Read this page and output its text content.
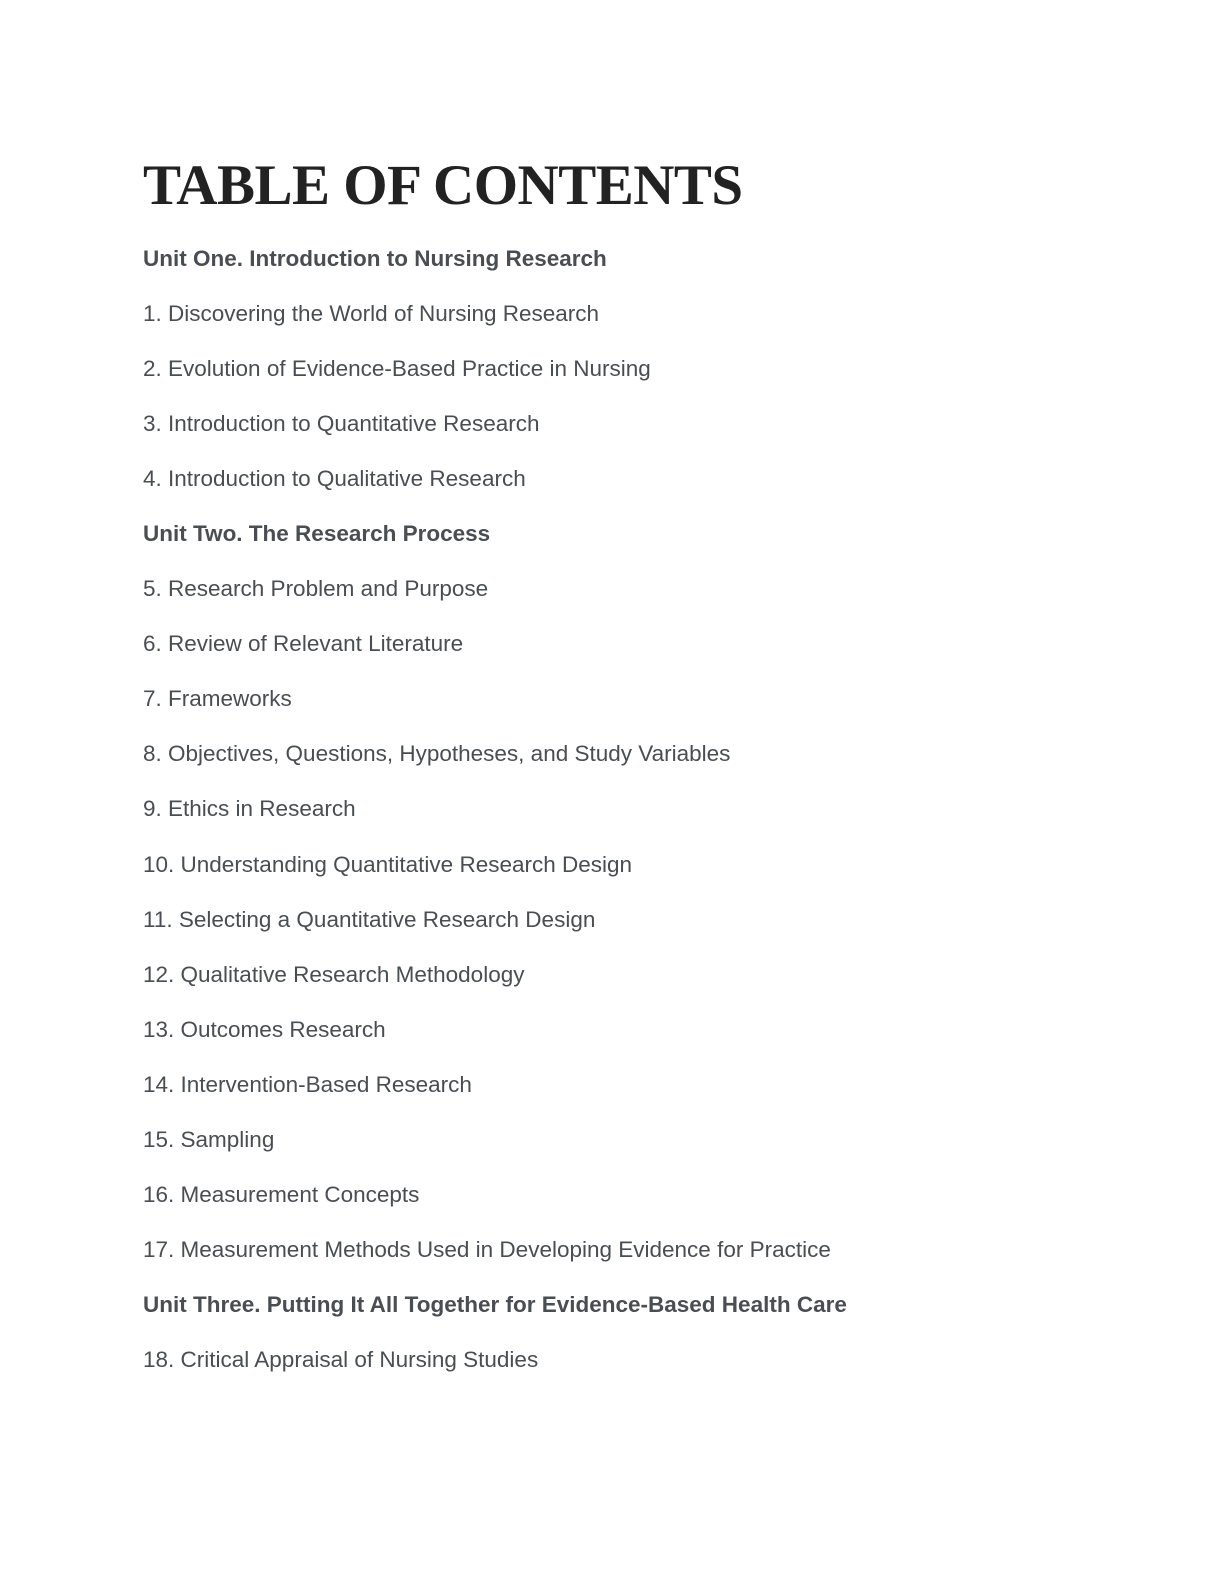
TABLE OF CONTENTS
Unit One. Introduction to Nursing Research
1. Discovering the World of Nursing Research
2. Evolution of Evidence-Based Practice in Nursing
3. Introduction to Quantitative Research
4. Introduction to Qualitative Research
Unit Two. The Research Process
5. Research Problem and Purpose
6. Review of Relevant Literature
7. Frameworks
8. Objectives, Questions, Hypotheses, and Study Variables
9. Ethics in Research
10. Understanding Quantitative Research Design
11. Selecting a Quantitative Research Design
12. Qualitative Research Methodology
13. Outcomes Research
14. Intervention-Based Research
15. Sampling
16. Measurement Concepts
17. Measurement Methods Used in Developing Evidence for Practice
Unit Three. Putting It All Together for Evidence-Based Health Care
18. Critical Appraisal of Nursing Studies
